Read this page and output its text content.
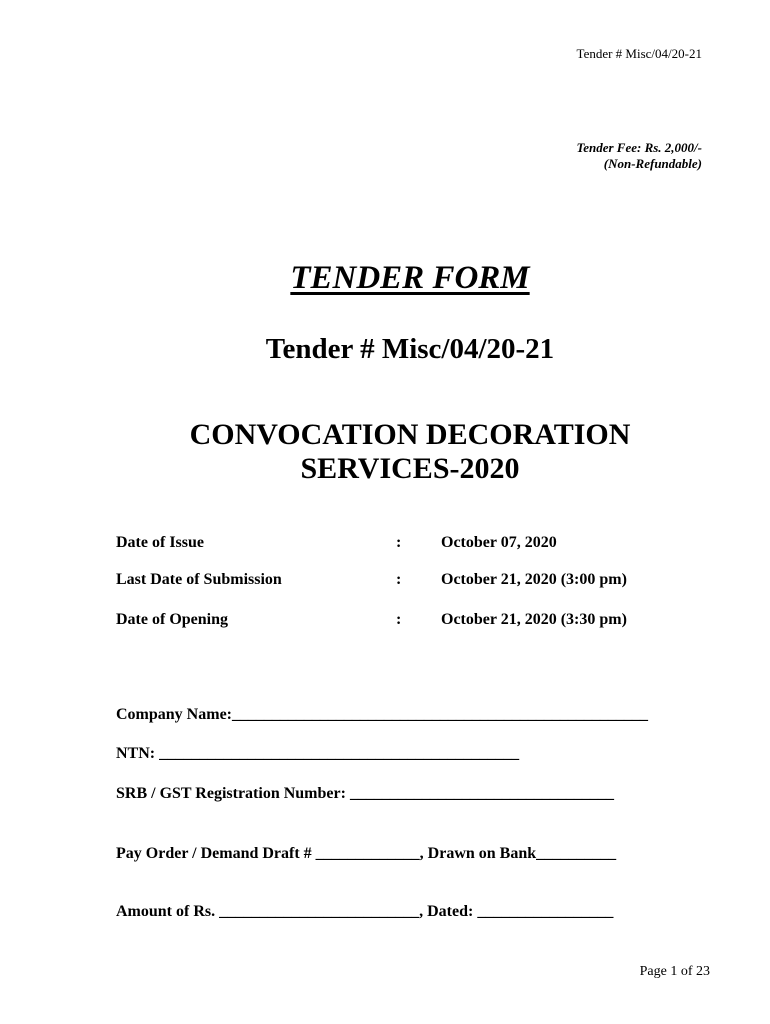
Tender # Misc/04/20-21
Tender Fee: Rs. 2,000/-
(Non-Refundable)
TENDER FORM
Tender # Misc/04/20-21
CONVOCATION DECORATION
SERVICES-2020
Date of Issue	: October 07, 2020
Last Date of Submission	: October 21, 2020 (3:00 pm)
Date of Opening	: October 21, 2020 (3:30 pm)
Company Name:____________________________________________________
NTN: _____________________________________________
SRB / GST Registration Number: _________________________________
Pay Order / Demand Draft # _____________, Drawn on Bank__________
Amount of Rs. _________________________, Dated: _________________
Page 1 of 23
